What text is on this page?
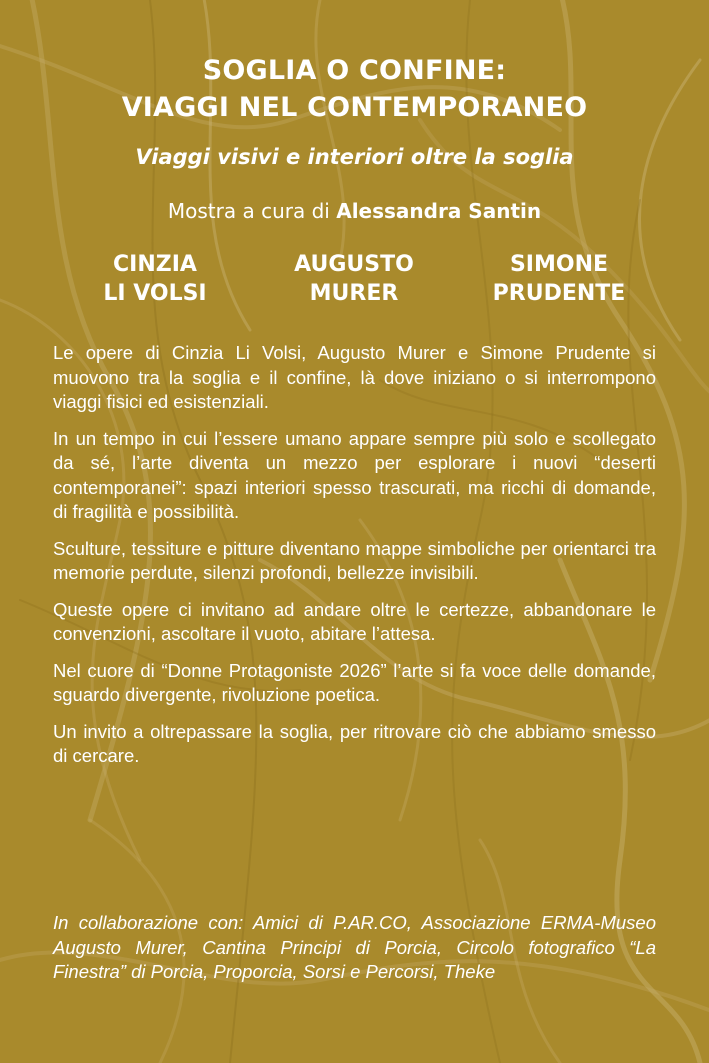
SOGLIA O CONFINE:
VIAGGI NEL CONTEMPORANEO
Viaggi visivi e interiori oltre la soglia
Mostra a cura di Alessandra Santin
CINZIA
LI VOLSI
AUGUSTO
MURER
SIMONE
PRUDENTE

Le opere di Cinzia Li Volsi, Augusto Murer e Simone Prudente si muovono tra la soglia e il confine, là dove iniziano o si interrompono viaggi fisici ed esistenziali.

In un tempo in cui l’essere umano appare sempre più solo e scollegato da sé, l’arte diventa un mezzo per esplorare i nuovi “deserti contemporanei”: spazi interiori spesso trascurati, ma ricchi di domande, di fragilità e possibilità.

Sculture, tessiture e pitture diventano mappe simboliche per orientarci tra memorie perdute, silenzi profondi, bellezze invisibili.

Queste opere ci invitano ad andare oltre le certezze, abbandonare le convenzioni, ascoltare il vuoto, abitare l’attesa.

Nel cuore di “Donne Protagoniste 2026” l’arte si fa voce delle domande, sguardo divergente, rivoluzione poetica.

Un invito a oltrepassare la soglia, per ritrovare ciò che abbiamo smesso di cercare.

In collaborazione con: Amici di P.AR.CO, Associazione ERMA-Museo Augusto Murer, Cantina Principi di Porcia, Circolo fotografico “La Finestra” di Porcia, Proporcia, Sorsi e Percorsi, Theke
